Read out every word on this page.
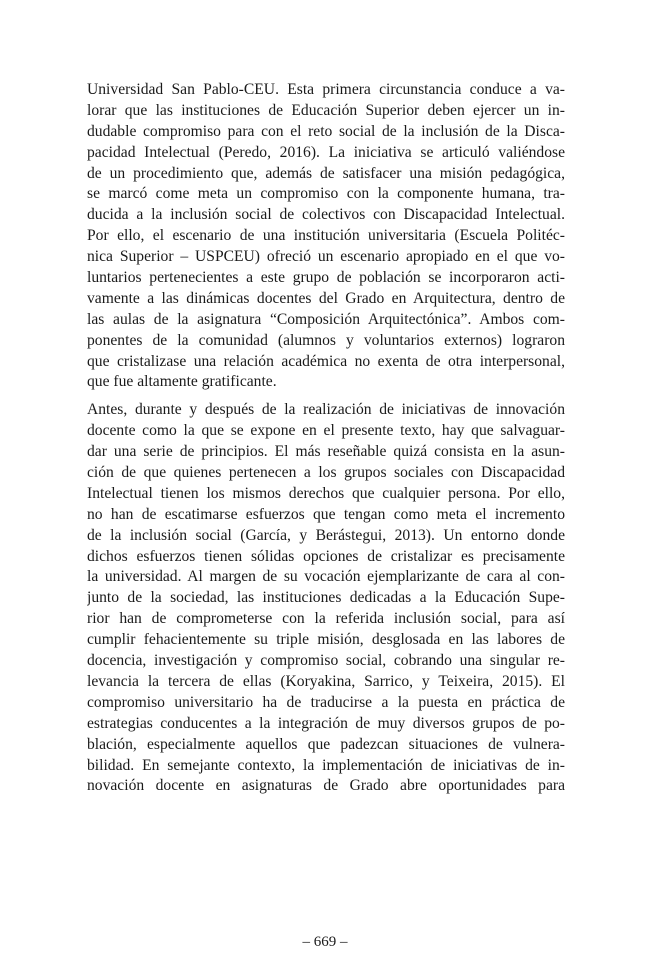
Universidad San Pablo-CEU. Esta primera circunstancia conduce a va-
lorar que las instituciones de Educación Superior deben ejercer un in-
dudable compromiso para con el reto social de la inclusión de la Disca-
pacidad Intelectual (Peredo, 2016). La iniciativa se articuló valiéndose
de un procedimiento que, además de satisfacer una misión pedagógica,
se marcó come meta un compromiso con la componente humana, tra-
ducida a la inclusión social de colectivos con Discapacidad Intelectual.
Por ello, el escenario de una institución universitaria (Escuela Politéc-
nica Superior – USPCEU) ofreció un escenario apropiado en el que vo-
luntarios pertenecientes a este grupo de población se incorporaron acti-
vamente a las dinámicas docentes del Grado en Arquitectura, dentro de
las aulas de la asignatura “Composición Arquitectónica”. Ambos com-
ponentes de la comunidad (alumnos y voluntarios externos) lograron
que cristalizase una relación académica no exenta de otra interpersonal,
que fue altamente gratificante.

Antes, durante y después de la realización de iniciativas de innovación
docente como la que se expone en el presente texto, hay que salvaguar-
dar una serie de principios. El más reseñable quizá consista en la asun-
ción de que quienes pertenecen a los grupos sociales con Discapacidad
Intelectual tienen los mismos derechos que cualquier persona. Por ello,
no han de escatimarse esfuerzos que tengan como meta el incremento
de la inclusión social (García, y Berástegui, 2013). Un entorno donde
dichos esfuerzos tienen sólidas opciones de cristalizar es precisamente
la universidad. Al margen de su vocación ejemplarizante de cara al con-
junto de la sociedad, las instituciones dedicadas a la Educación Supe-
rior han de comprometerse con la referida inclusión social, para así
cumplir fehacientemente su triple misión, desglosada en las labores de
docencia, investigación y compromiso social, cobrando una singular re-
levancia la tercera de ellas (Koryakina, Sarrico, y Teixeira, 2015). El
compromiso universitario ha de traducirse a la puesta en práctica de
estrategias conducentes a la integración de muy diversos grupos de po-
blación, especialmente aquellos que padezcan situaciones de vulnera-
bilidad. En semejante contexto, la implementación de iniciativas de in-
novación docente en asignaturas de Grado abre oportunidades para

– 669 –
